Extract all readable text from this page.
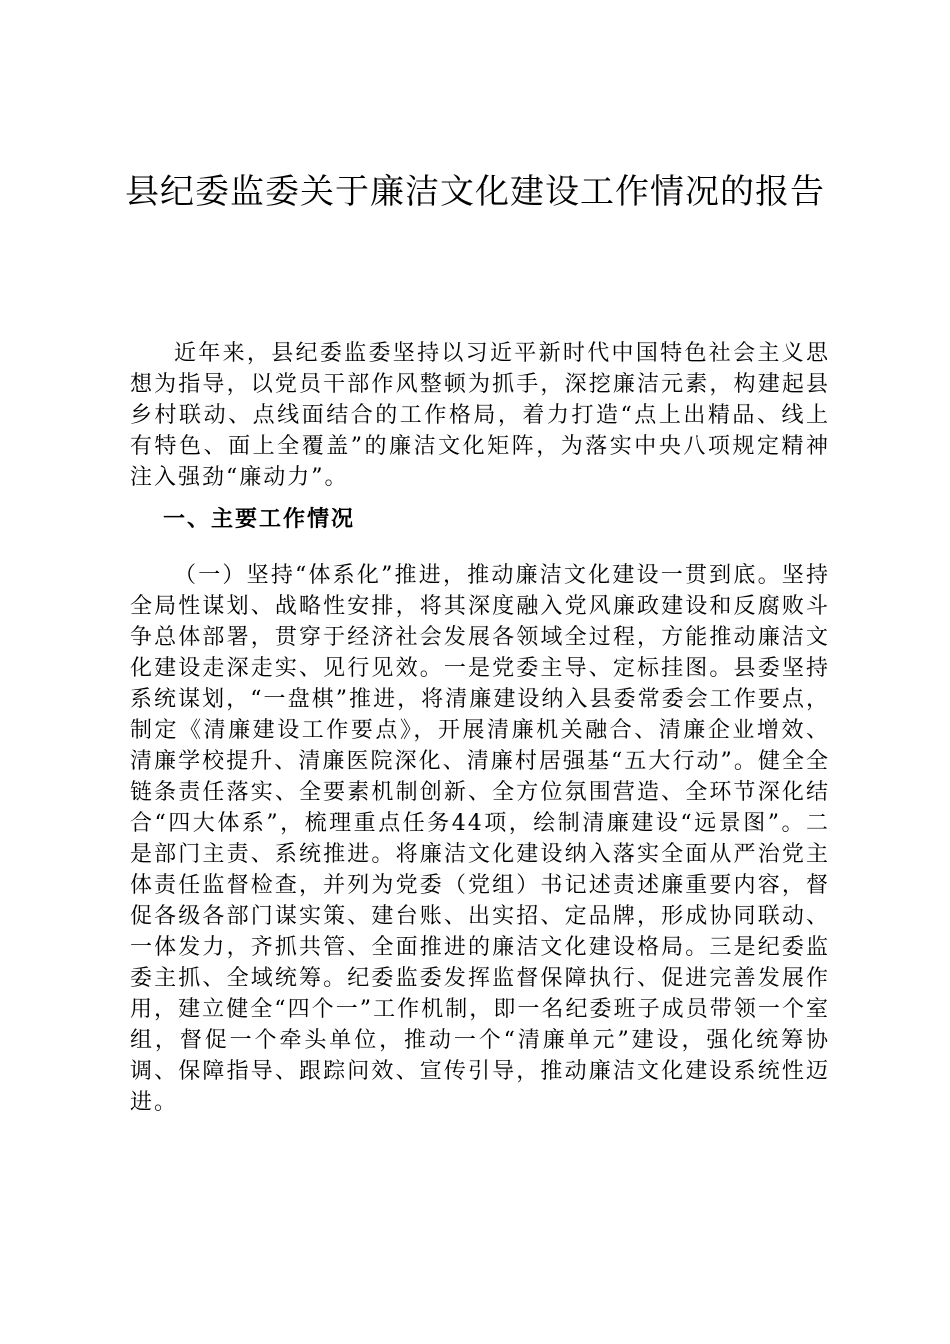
县纪委监委关于廉洁文化建设工作情况的报告

近年来，县纪委监委坚持以习近平新时代中国特色社会主义思想为指导，以党员干部作风整顿为抓手，深挖廉洁元素，构建起县乡村联动、点线面结合的工作格局，着力打造“点上出精品、线上有特色、面上全覆盖”的廉洁文化矩阵，为落实中央八项规定精神注入强劲“廉动力”。

一、主要工作情况

（一）坚持“体系化”推进，推动廉洁文化建设一贯到底。坚持全局性谋划、战略性安排，将其深度融入党风廉政建设和反腐败斗争总体部署，贯穿于经济社会发展各领域全过程，方能推动廉洁文化建设走深走实、见行见效。一是党委主导、定标挂图。县委坚持系统谋划，“一盘棋”推进，将清廉建设纳入县委常委会工作要点，制定《清廉建设工作要点》，开展清廉机关融合、清廉企业增效、清廉学校提升、清廉医院深化、清廉村居强基“五大行动”。健全全链条责任落实、全要素机制创新、全方位氛围营造、全环节深化结合“四大体系”，梳理重点任务44项，绘制清廉建设“远景图”。二是部门主责、系统推进。将廉洁文化建设纳入落实全面从严治党主体责任监督检查，并列为党委（党组）书记述责述廉重要内容，督促各级各部门谋实策、建台账、出实招、定品牌，形成协同联动、一体发力，齐抓共管、全面推进的廉洁文化建设格局。三是纪委监委主抓、全域统筹。纪委监委发挥监督保障执行、促进完善发展作用，建立健全“四个一”工作机制，即一名纪委班子成员带领一个室组，督促一个牵头单位，推动一个“清廉单元”建设，强化统筹协调、保障指导、跟踪问效、宣传引导，推动廉洁文化建设系统性迈进。
